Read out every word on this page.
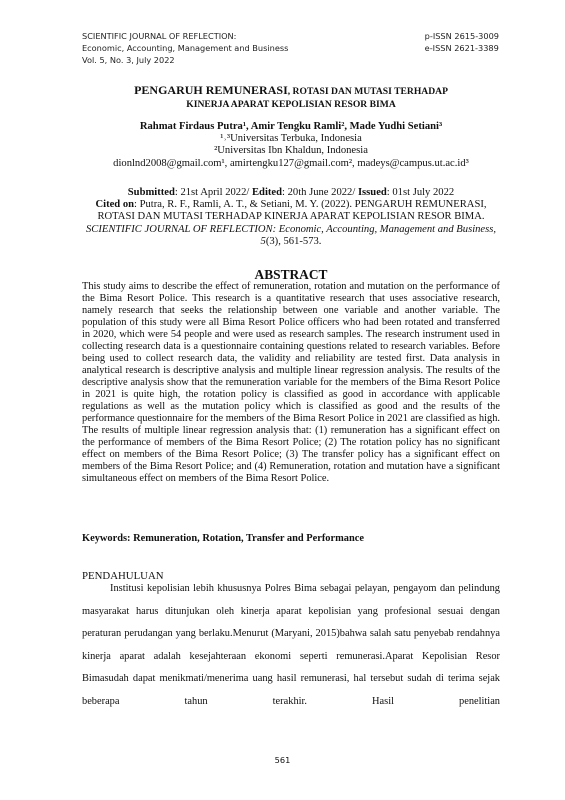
SCIENTIFIC JOURNAL OF REFLECTION:
Economic, Accounting, Management and Business
Vol. 5, No. 3, July 2022
p-ISSN 2615-3009
e-ISSN 2621-3389
PENGARUH REMUNERASI, ROTASI DAN MUTASI TERHADAP
KINERJA APARAT KEPOLISIAN RESOR BIMA
Rahmat Firdaus Putra¹, Amir Tengku Ramli², Made Yudhi Setiani³
¹˒³Universitas Terbuka, Indonesia
²Universitas Ibn Khaldun, Indonesia
dionlnd2008@gmail.com¹, amirtengku127@gmail.com², madeys@campus.ut.ac.id³
Submitted: 21st April 2022/ Edited: 20th June 2022/ Issued: 01st July 2022
Cited on: Putra, R. F., Ramli, A. T., & Setiani, M. Y. (2022). PENGARUH REMUNERASI, ROTASI DAN MUTASI TERHADAP KINERJA APARAT KEPOLISIAN RESOR BIMA. SCIENTIFIC JOURNAL OF REFLECTION: Economic, Accounting, Management and Business, 5(3), 561-573.
ABSTRACT
This study aims to describe the effect of remuneration, rotation and mutation on the performance of the Bima Resort Police. This research is a quantitative research that uses associative research, namely research that seeks the relationship between one variable and another variable. The population of this study were all Bima Resort Police officers who had been rotated and transferred in 2020, which were 54 people and were used as research samples. The research instrument used in collecting research data is a questionnaire containing questions related to research variables. Before being used to collect research data, the validity and reliability are tested first. Data analysis in analytical research is descriptive analysis and multiple linear regression analysis. The results of the descriptive analysis show that the remuneration variable for the members of the Bima Resort Police in 2021 is quite high, the rotation policy is classified as good in accordance with applicable regulations as well as the mutation policy which is classified as good and the results of the performance questionnaire for the members of the Bima Resort Police in 2021 are classified as high. The results of multiple linear regression analysis that: (1) remuneration has a significant effect on the performance of members of the Bima Resort Police; (2) The rotation policy has no significant effect on members of the Bima Resort Police; (3) The transfer policy has a significant effect on members of the Bima Resort Police; and (4) Remuneration, rotation and mutation have a significant simultaneous effect on members of the Bima Resort Police.
Keywords: Remuneration, Rotation, Transfer and Performance
PENDAHULUAN

Institusi kepolisian lebih khususnya Polres Bima sebagai pelayan, pengayom dan pelindung masyarakat harus ditunjukan oleh kinerja aparat kepolisian yang profesional sesuai dengan peraturan perudangan yang berlaku.Menurut (Maryani, 2015)bahwa salah satu penyebab rendahnya kinerja aparat adalah kesejahteraan ekonomi seperti remunerasi.Aparat Kepolisian Resor Bimasudah dapat menikmati/menerima uang hasil remunerasi, hal tersebut sudah di terima sejak beberapa tahun terakhir. Hasil penelitian

561
